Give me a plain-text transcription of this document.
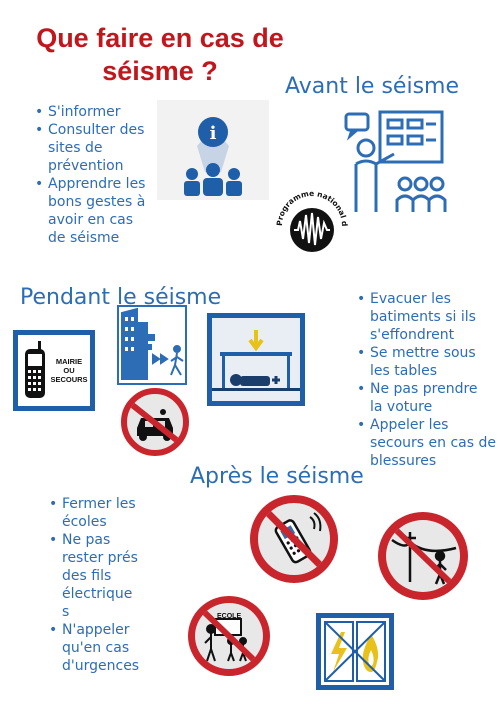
Que faire en cas de
séisme ?
Avant le séisme
• S'informer
• Consulter des
sites de
prévention
• Apprendre les
bons gestes à
avoir en cas
de séisme
i
Programme national d
Pendant le séisme
•	Evacuer les
batiments si ils
s'effondrent
• Se mettre sous
les tables
• Ne pas prendre
la voture
• Appeler les
secours en cas de
blessures
MAIRIE
OU
SECOURS
Après le séisme
• Fermer les
écoles
• Ne pas
rester prés
des fils
électrique
s
• N'appeler
qu'en cas
d'urgences
ECOLE
